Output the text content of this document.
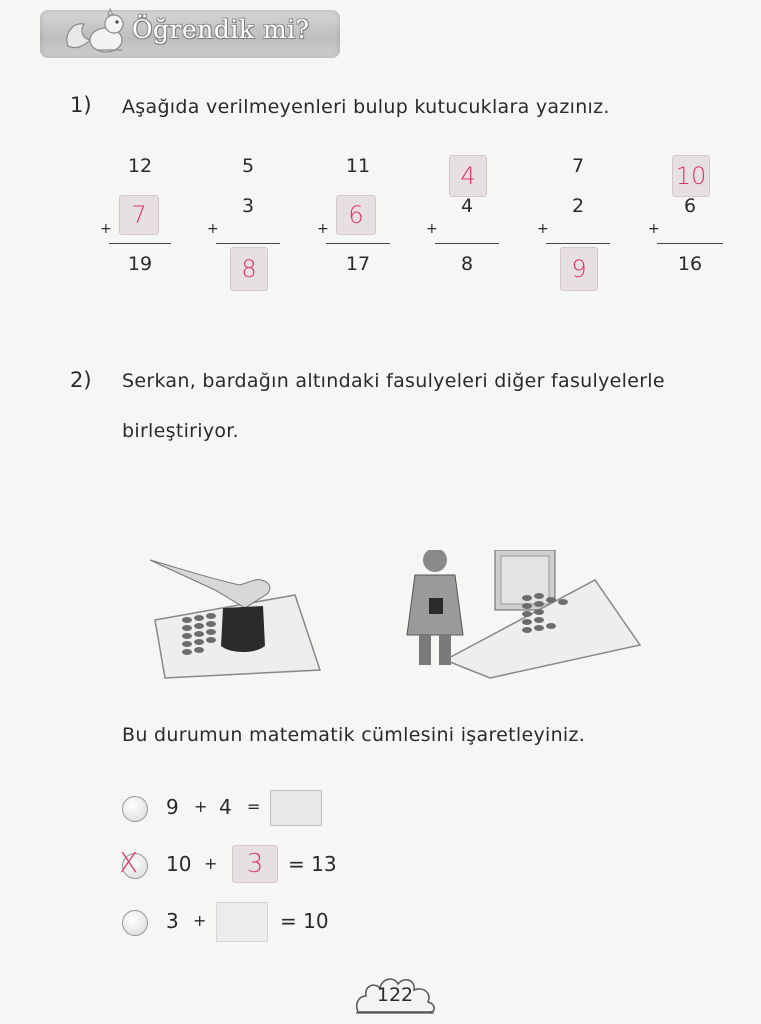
Öğrendik mi?
1) Aşağıda verilmeyenleri bulup kutucuklara yazınız.
12
+ 7
19
5
+
3
8
11
+ 6
17
4
+
4
8
7
+
2
9
10
+
6
16
2) Serkan, bardağın altındaki fasulyeleri diğer fasulyelerle
birleştiriyor.
Bu durumun matematik cümlesini işaretleyiniz.
9 + 4 =
X 10 + 3 = 13
3 +	= 10
122
